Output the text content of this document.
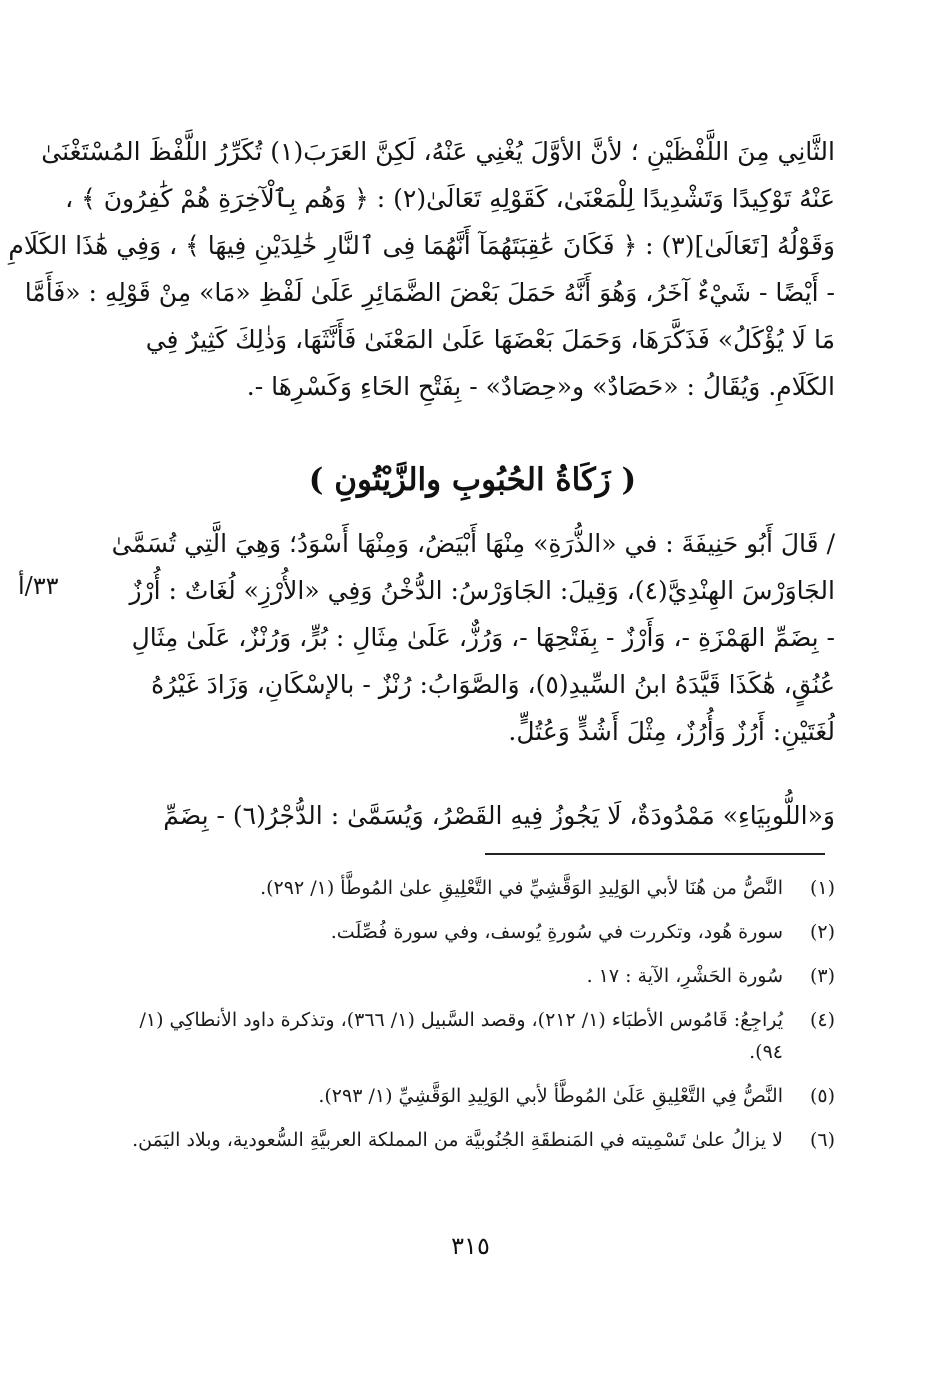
الثَّانِي مِنَ اللَّفْظَيْنِ ؛ لأنَّ الأوَّلَ يُغْنِي عَنْهُ، لَكِنَّ العَرَبَ(١) تُكَرِّرُ اللَّفْظَ المُسْتَغْنَىٰ
عَنْهُ تَوْكِيدًا وَتَشْدِيدًا لِلْمَعْنَىٰ، كَقَوْلِهِ تَعَالَىٰ(٢) : ﴿ وَهُم بِٱلْآخِرَةِ هُمْ كَٰفِرُونَ ﴾ ،
وَقَوْلُهُ [تَعَالَىٰ](٣) : ﴿ فَكَانَ عَٰقِبَتَهُمَآ أَنَّهُمَا فِى ٱلنَّارِ خَٰلِدَيْنِ فِيهَا ﴾ ، وَفِي هَٰذَا الكَلَامِ
- أَيْضًا - شَيْءٌ آخَرُ، وَهُوَ أَنَّهُ حَمَلَ بَعْضَ الضَّمَائِرِ عَلَىٰ لَفْظِ «مَا» مِنْ قَوْلِهِ : «فَأَمَّا
مَا لَا يُؤْكَلُ» فَذَكَّرَهَا، وَحَمَلَ بَعْضَهَا عَلَىٰ المَعْنَىٰ فَأَنَّثَهَا، وَذٰلِكَ كَثِيرٌ فِي
الكَلَامِ. وَيُقَالُ : «حَصَادٌ» و«حِصَادٌ» - بِفَتْحِ الحَاءِ وَكَسْرِهَا -.
( زَكَاةُ الحُبُوبِ والزَّيْتُونِ )
/ قَالَ أَبُو حَنِيفَةَ : في «الذُّرَةِ» مِنْهَا أَبْيَضُ، وَمِنْهَا أَسْوَدُ؛ وَهِيَ الَّتِي تُسَمَّىٰ
الجَاوَرْسَ الهِنْدِيَّ(٤)، وَقِيلَ: الجَاوَرْسُ: الدُّخْنُ وَفِي «الأُرْزِ» لُغَاتٌ : أُرْزٌ
- بِضَمِّ الهَمْزَةِ -، وَأَرْزٌ - بِفَتْحِهَا -، وَرُزٌّ، عَلَىٰ مِثَالِ : بُرٍّ، وَرُنْزٌ، عَلَىٰ مِثَالِ
عُنُقٍ، هَٰكَذَا قَيَّدَهُ ابنُ السِّيدِ(٥)، وَالصَّوَابُ: رُنْزٌ - بالإسْكَانِ، وَزَادَ غَيْرُهُ
لُغَتَيْنِ: أَرُزٌ وَأُرُزٌ، مِثْلَ أَشُدٍّ وَعُتُلٍّ.
٣٣/أ
وَ«اللُّوبِيَاءِ» مَمْدُودَةٌ، لَا يَجُوزُ فِيهِ القَصْرُ، وَيُسَمَّىٰ : الدُّجْرُ(٦) - بِضَمِّ
(١)
النَّصُّ من هُنَا لأبي الوَلِيدِ الوَقَّشِيِّ في التَّعْلِيقِ علىٰ المُوطَّأ (١/ ٢٩٢).
(٢)
سورة هُود، وتكررت في سُورةِ يُوسف، وفي سورة فُصِّلَت.
(٣)
سُورة الحَشْرِ، الآية : ١٧ .
(٤)
يُراجِعُ: قَامُوس الأطبَاء (١/ ٢١٢)، وقصد السَّبيل (١/ ٣٦٦)، وتذكرة داود الأنطاكِي (١/ ٩٤).
(٥)
النَّصُّ فِي التَّعْلِيقِ عَلَىٰ المُوطَّأ لأبي الوَلِيدِ الوَقَّشِيِّ (١/ ٢٩٣).
(٦)
لا يزالُ علىٰ تَسْمِيته في المَنطقَةِ الجُنُوبيَّة من المملكة العربيَّةِ السُّعودية، وبلاد اليَمَن.
٣١٥
